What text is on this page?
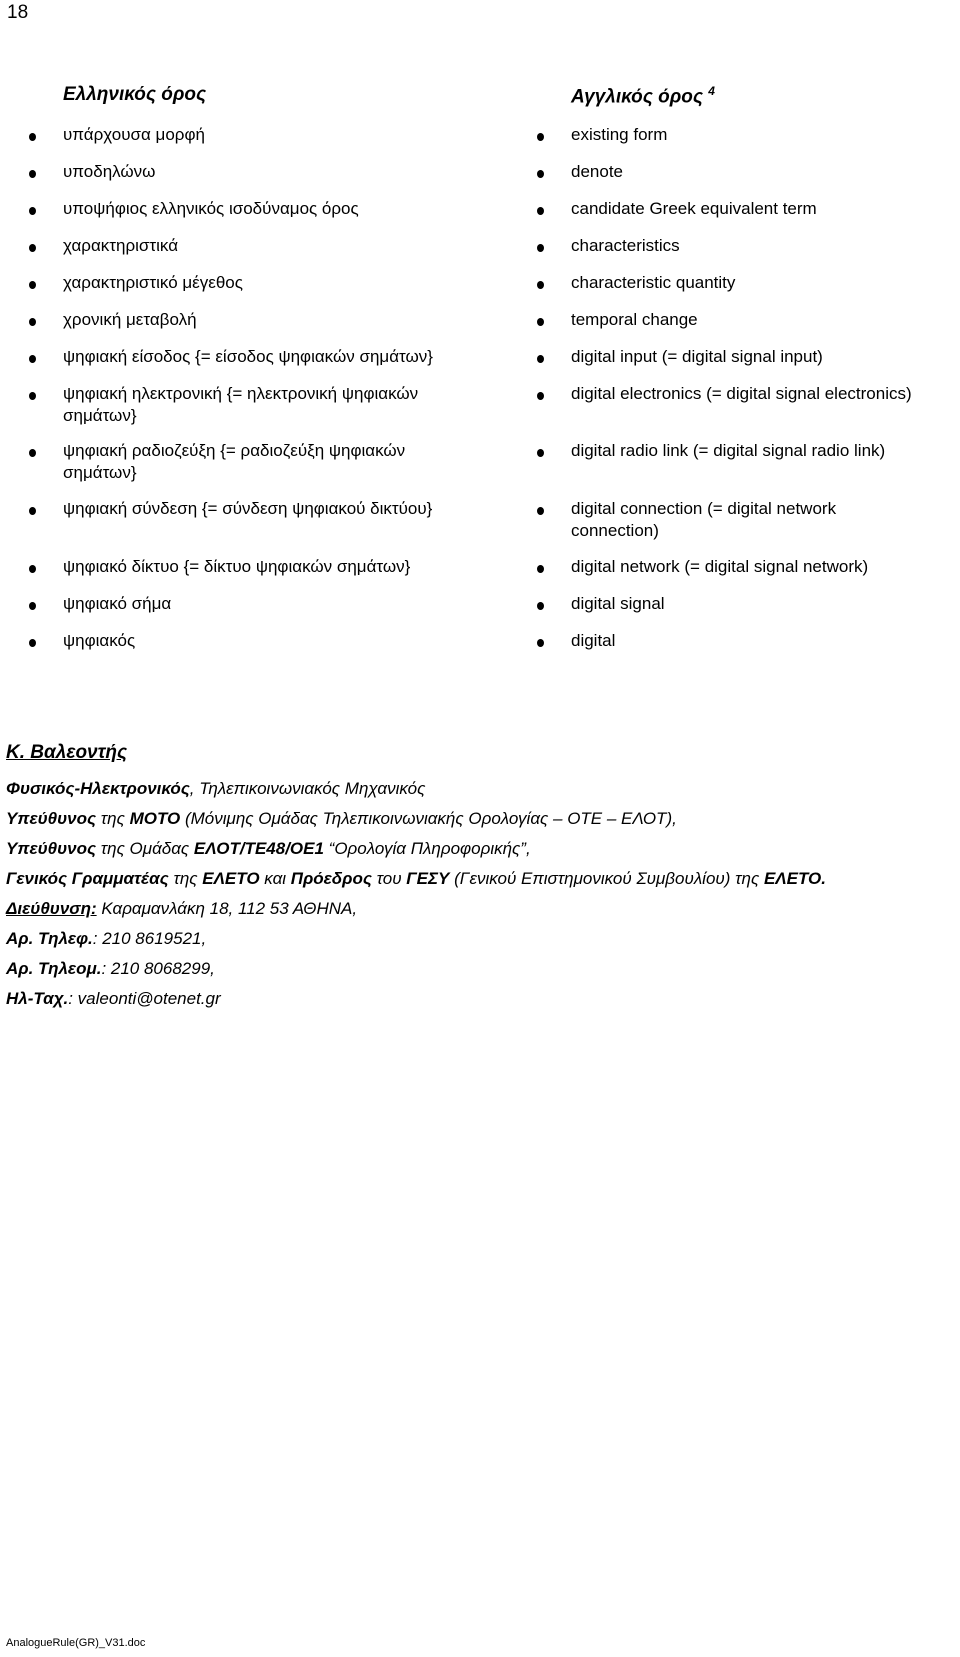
18
Ελληνικός όρος	Αγγλικός όρος $^4$
υπάρχουσα μορφή
υποδηλώνω
υποψήφιος ελληνικός ισοδύναμος όρος
χαρακτηριστικά
χαρακτηριστικό μέγεθος
χρονική μεταβολή
ψηφιακή είσοδος {= είσοδος ψηφιακών σημάτων}
ψηφιακή ηλεκτρονική {= ηλεκτρονική ψηφιακών
σημάτων}
ψηφιακή ραδιοζεύξη {= ραδιοζεύξη ψηφιακών
σημάτων}
ψηφιακή σύνδεση {= σύνδεση ψηφιακού δικτύου}
ψηφιακό δίκτυο {= δίκτυο ψηφιακών σημάτων}
ψηφιακό σήμα
ψηφιακός
existing form
denote
candidate Greek equivalent term
characteristics
characteristic quantity
temporal change
digital input (= digital signal input)
digital electronics (= digital signal electronics)
digital radio link (= digital signal radio link)
digital connection (= digital network
connection)
digital network (= digital signal network)
digital signal
digital
Κ. Βαλεοντής
Φυσικός-Ηλεκτρονικός, Τηλεπικοινωνιακός Μηχανικός
Υπεύθυνος της ΜΟΤΟ (Μόνιμης Ομάδας Τηλεπικοινωνιακής Ορολογίας – ΟΤΕ – ΕΛΟΤ),
Υπεύθυνος της Ομάδας ΕΛΟΤ/ΤΕ48/ΟΕ1 “Ορολογία Πληροφορικής”,
Γενικός Γραμματέας της ΕΛΕΤΟ και Πρόεδρος του ΓΕΣΥ (Γενικού Επιστημονικού Συμβουλίου) της ΕΛΕΤΟ.
Διεύθυνση: Καραμανλάκη 18, 112 53 ΑΘΗΝΑ,
Αρ. Τηλεφ.: 210 8619521,
Αρ. Τηλεομ.: 210 8068299,
Ηλ-Ταχ.: valeonti@otenet.gr
AnalogueRule(GR)_V31.doc
